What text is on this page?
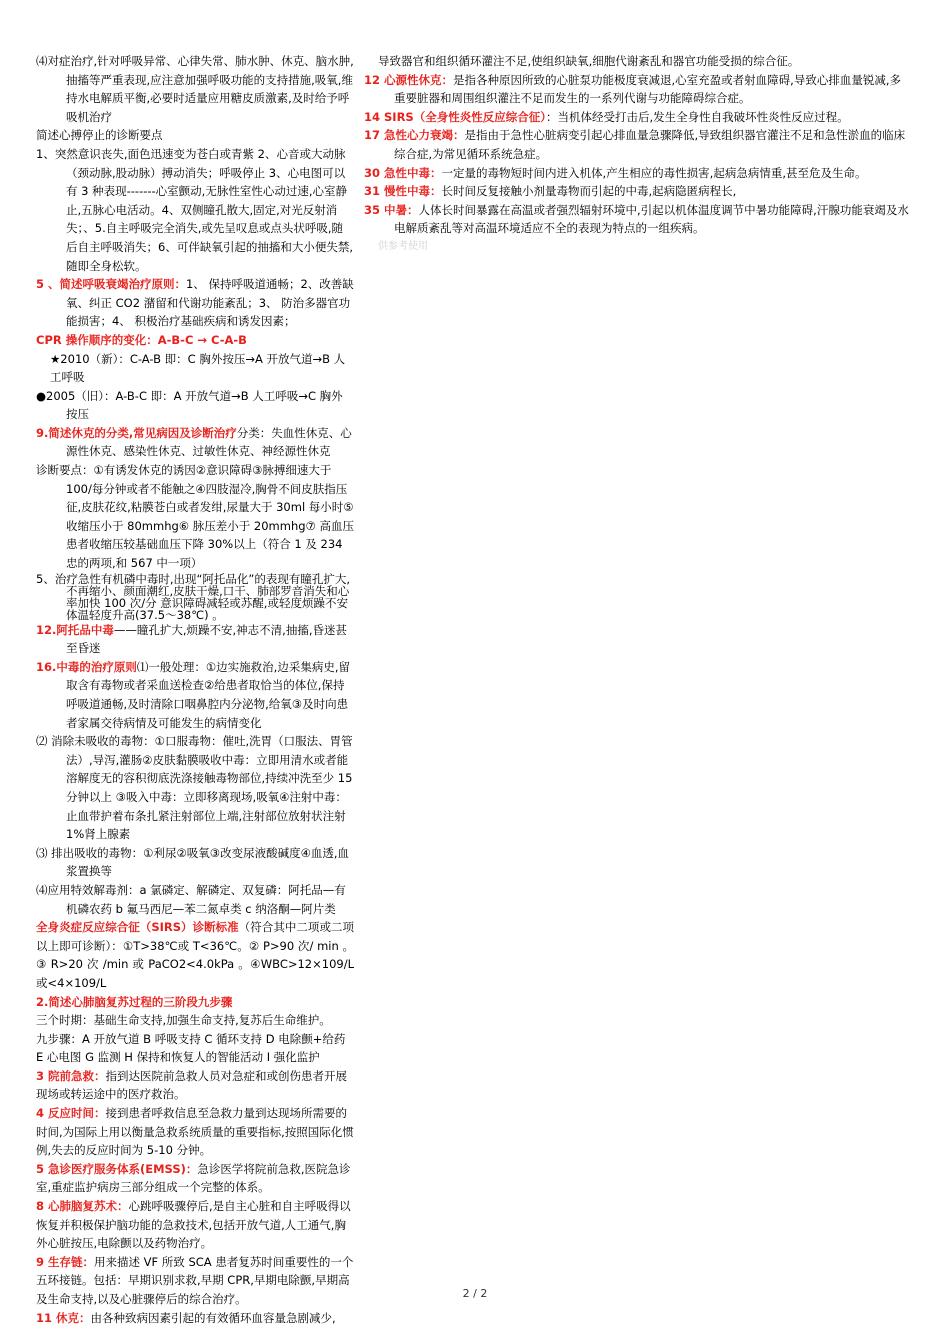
⑷对症治疗,针对呼吸异常、心律失常、肺水肿、休克、脑水肿,抽搐等严重表现,应注意加强呼吸功能的支持措施,吸氧,维持水电解质平衡,必要时适量应用糖皮质激素,及时给予呼吸机治疗

简述心搏停止的诊断要点

1、突然意识丧失,面色迅速变为苍白或青紫 2、心音或大动脉（颈动脉,股动脉）搏动消失；呼吸停止 3、心电图可以有 3 种表现-------心室颤动,无脉性室性心动过速,心室静止,五脉心电活动。4、双侧瞳孔散大,固定,对光反射消失；、5.自主呼吸完全消失,或先呈叹息或点头状呼吸,随后自主呼吸消失；6、可伴缺氧引起的抽搐和大小便失禁,随即全身松软。

5 、简述呼吸衰竭治疗原则：1、 保持呼吸道通畅；2、改善缺氧、纠正 CO2 潴留和代谢功能紊乱；3、 防治多器官功能损害；4、 积极治疗基础疾病和诱发因素；

CPR 操作顺序的变化：A-B-C → C-A-B

★2010（新）：C-A-B 即：C 胸外按压→A 开放气道→B 人工呼吸

●2005（旧）：A-B-C 即：A 开放气道→B 人工呼吸→C 胸外按压

9.简述休克的分类,常见病因及诊断治疗分类：失血性休克、心源性休克、感染性休克、过敏性休克、神经源性休克

诊断要点：①有诱发休克的诱因②意识障碍③脉搏细速大于 100/每分钟或者不能触之④四肢湿冷,胸骨不间皮肤指压征,皮肤花纹,粘膜苍白或者发绀,尿量大于 30ml 每小时⑤收缩压小于 80mmhg⑥ 脉压差小于 20mmhg⑦ 高血压患者收缩压较基础血压下降 30%以上（符合 1 及 234 忠的两项,和 567 中一项）

5、治疗急性有机磷中毒时,出现“阿托品化”的表现有瞳孔扩大,不再缩小、颜面潮红,皮肤干燥,口干、肺部罗音消失和心率加快 100 次/分 意识障碍减轻或苏醒,或轻度烦躁不安体温轻度升高(37.5～38℃) 。

12.阿托品中毒——瞳孔扩大,烦躁不安,神志不清,抽搐,昏迷甚至昏迷

16.中毒的治疗原则⑴一般处理：①边实施救治,边采集病史,留取含有毒物或者采血送检查②给患者取恰当的体位,保持呼吸道通畅,及时清除口咽鼻腔内分泌物,给氧③及时向患者家属交待病情及可能发生的病情变化

⑵ 消除未吸收的毒物：①口服毒物：催吐,洗胃（口服法、胃管法）,导泻,灌肠②皮肤黏膜吸收中毒：立即用清水或者能溶解度无的容积彻底洗涤接触毒物部位,持续冲洗至少 15 分钟以上 ③吸入中毒：立即移离现场,吸氧④注射中毒：止血带护着布条扎紧注射部位上端,注射部位放射状注射 1%肾上腺素

⑶ 排出吸收的毒物：①利尿②吸氧③改变尿液酸碱度④血透,血浆置换等

⑷应用特效解毒剂：a 氯磷定、解磷定、双复磷：阿托品—有机磷农药 b 氟马西尼—苯二氮卓类 c 纳洛酮—阿片类

全身炎症反应综合征（SIRS）诊断标准（符合其中二项或二项以上即可诊断）：①T>38℃或 T<36℃。② P>90 次/ min 。 ③ R>20 次 /min 或 PaCO2<4.0kPa 。④WBC>12×109/L 或<4×109/L

2.简述心肺脑复苏过程的三阶段九步骤

三个时期：基础生命支持,加强生命支持,复苏后生命维护。

九步骤：A 开放气道 B 呼吸支持 C 循环支持 D 电除颤+给药 E 心电图 G 监测 H 保持和恢复人的智能活动 I 强化监护

3 院前急救：指到达医院前急救人员对急症和或创伤患者开展现场或转运途中的医疗救治。

4 反应时间：接到患者呼救信息至急救力量到达现场所需要的时间,为国际上用以衡量急救系统质量的重要指标,按照国际化惯例,失去的反应时间为 5-10 分钟。

5 急诊医疗服务体系(EMSS)：急诊医学将院前急救,医院急诊室,重症监护病房三部分组成一个完整的体系。

8 心肺脑复苏术：心跳呼吸骤停后,是自主心脏和自主呼吸得以恢复并积极保护脑功能的急救技术,包括开放气道,人工通气,胸外心脏按压,电除颤以及药物治疗。

9 生存链：用来描述 VF 所致 SCA 患者复苏时间重要性的一个五环接链。包括：早期识别求救,早期 CPR,早期电除颤,早期高及生命支持,以及心脏骤停后的综合治疗。

11 休克：由各种致病因素引起的有效循环血容量急剧减少,

导致器官和组织循环灌注不足,使组织缺氧,细胞代谢紊乱和器官功能受损的综合征。

12 心源性休克：是指各种原因所致的心脏泵功能极度衰减退,心室充盈或者射血障碍,导致心排血量锐减,多重要脏器和周围组织灌注不足而发生的一系列代谢与功能障碍综合症。

14 SIRS（全身性炎性反应综合征）：当机体经受打击后,发生全身性自我破坏性炎性反应过程。

17 急性心力衰竭：是指由于急性心脏病变引起心排血量急骤降低,导致组织器官灌注不足和急性淤血的临床综合症,为常见循环系统急症。

30 急性中毒：一定量的毒物短时间内进入机体,产生相应的毒性损害,起病急病情重,甚至危及生命。

31 慢性中毒：长时间反复接触小剂量毒物而引起的中毒,起病隐匿病程长,

35 中暑：人体长时间暴露在高温或者强烈辐射环境中,引起以机体温度调节中暑功能障碍,汗腺功能衰竭及水电解质紊乱等对高温环境适应不全的表现为特点的一组疾病。

供参考使用

2 / 2
